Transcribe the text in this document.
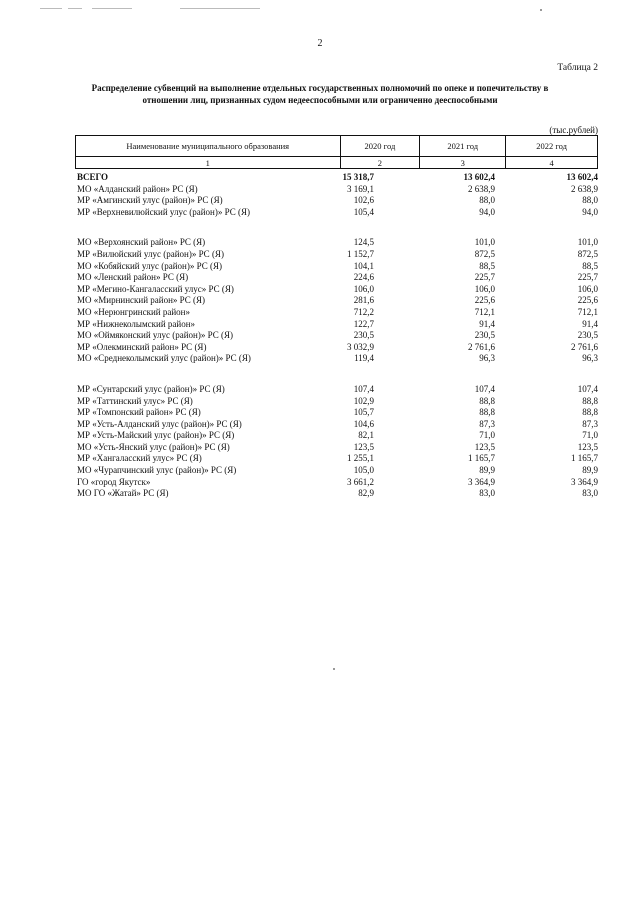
2
Таблица 2
Распределение субвенций на выполнение отдельных государственных полномочий по опеке и попечительству в отношении лиц, признанных судом недееспособными или ограниченно дееспособными
(тыс.рублей)
Наименование муниципального образования	2020 год	2021 год	2022 год
1	2	3	4
ВСЕГО	15 318,7	13 602,4	13 602,4
МО «Алданский район» РС (Я)	3 169,1	2 638,9	2 638,9
МР «Амгинский улус (район)» РС (Я)	102,6	88,0	88,0
МР «Верхневилюйский улус (район)» РС (Я)	105,4	94,0	94,0
МО «Верхоянский район» РС (Я)	124,5	101,0	101,0
МР «Вилюйский улус (район)» РС (Я)	1 152,7	872,5	872,5
МО «Кобяйский улус (район)» РС (Я)	104,1	88,5	88,5
МО «Ленский район» РС (Я)	224,6	225,7	225,7
МР «Мегино-Кангаласский улус» РС (Я)	106,0	106,0	106,0
МО «Мирнинский район» РС (Я)	281,6	225,6	225,6
МО «Нерюнгринский район»	712,2	712,1	712,1
МР «Нижнеколымский район»	122,7	91,4	91,4
МО «Оймяконский улус (район)» РС (Я)	230,5	230,5	230,5
МР «Олекминский район» РС (Я)	3 032,9	2 761,6	2 761,6
МО «Среднеколымский улус (район)» РС (Я)	119,4	96,3	96,3
МР «Сунтарский улус (район)» РС (Я)	107,4	107,4	107,4
МР «Таттинский улус» РС (Я)	102,9	88,8	88,8
МР «Томпонский район» РС (Я)	105,7	88,8	88,8
МР «Усть-Алданский улус (район)» РС (Я)	104,6	87,3	87,3
МР «Усть-Майский улус (район)» РС (Я)	82,1	71,0	71,0
МО «Усть-Янский улус (район)» РС (Я)	123,5	123,5	123,5
МР «Хангаласский улус» РС (Я)	1 255,1	1 165,7	1 165,7
МО «Чурапчинский улус (район)» РС (Я)	105,0	89,9	89,9
ГО «город Якутск»	3 661,2	3 364,9	3 364,9
МО ГО «Жатай» РС (Я)	82,9	83,0	83,0
